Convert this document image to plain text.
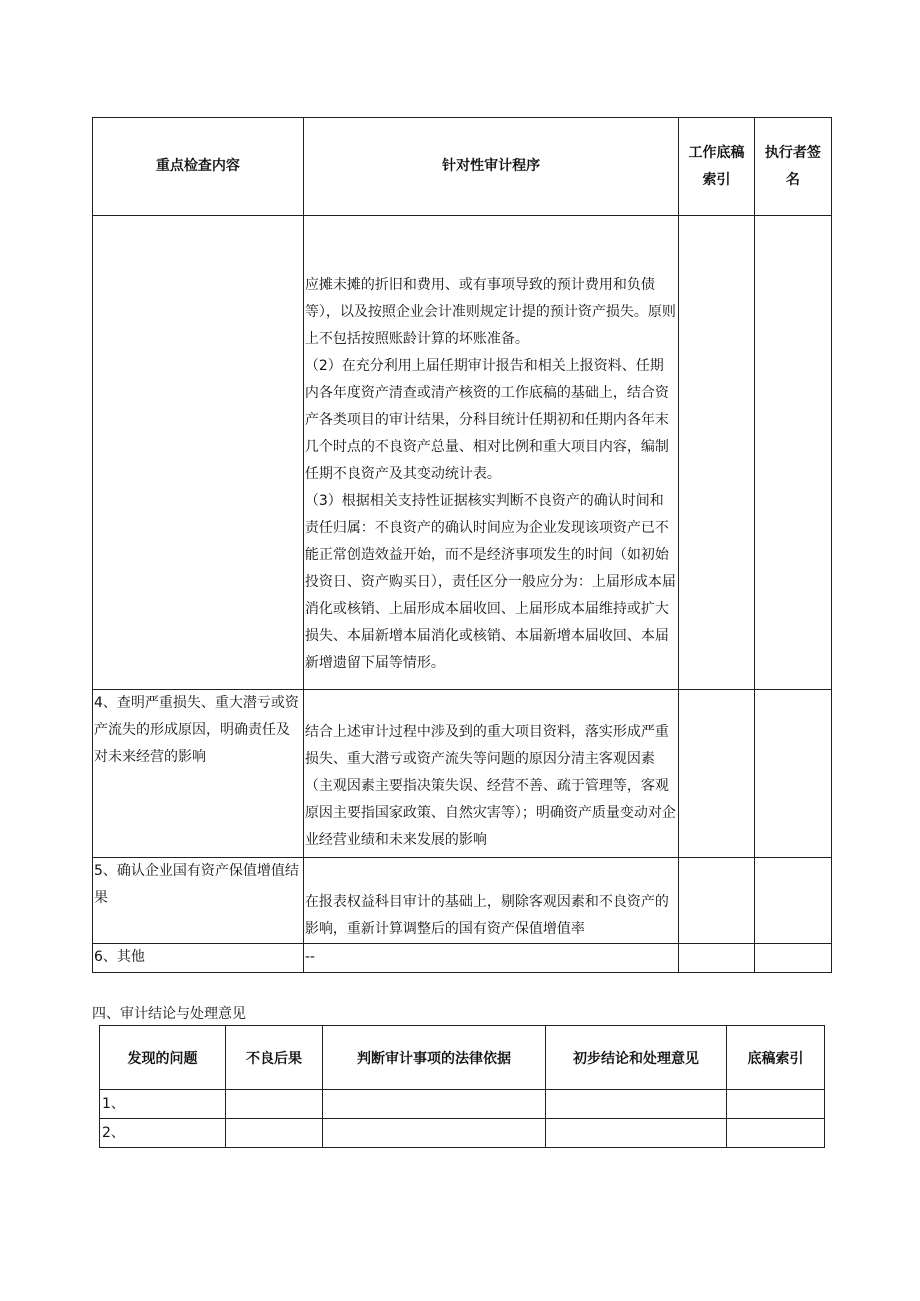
重点检查内容	针对性审计程序	工作底稿索引	执行者签名

	应摊未摊的折旧和费用、或有事项导致的预计费用和负债等），以及按照企业会计准则规定计提的预计资产损失。原则上不包括按照账龄计算的坏账准备。
（2）在充分利用上届任期审计报告和相关上报资料、任期内各年度资产清查或清产核资的工作底稿的基础上，结合资产各类项目的审计结果，分科目统计任期初和任期内各年末几个时点的不良资产总量、相对比例和重大项目内容，编制任期不良资产及其变动统计表。
（3）根据相关支持性证据核实判断不良资产的确认时间和责任归属：不良资产的确认时间应为企业发现该项资产已不能正常创造效益开始，而不是经济事项发生的时间（如初始投资日、资产购买日），责任区分一般应分为：上届形成本届消化或核销、上届形成本届收回、上届形成本届维持或扩大损失、本届新增本届消化或核销、本届新增本届收回、本届新增遗留下届等情形。		

4、查明严重损失、重大潜亏或资产流失的形成原因，明确责任及对未来经营的影响	结合上述审计过程中涉及到的重大项目资料，落实形成严重损失、重大潜亏或资产流失等问题的原因分清主客观因素（主观因素主要指决策失误、经营不善、疏于管理等，客观原因主要指国家政策、自然灾害等）；明确资产质量变动对企业经营业绩和未来发展的影响		

5、确认企业国有资产保值增值结果	在报表权益科目审计的基础上，剔除客观因素和不良资产的影响，重新计算调整后的国有资产保值增值率		

6、其他	--		

四、审计结论与处理意见
发现的问题	不良后果	判断审计事项的法律依据	初步结论和处理意见	底稿索引
1、				
2、				
